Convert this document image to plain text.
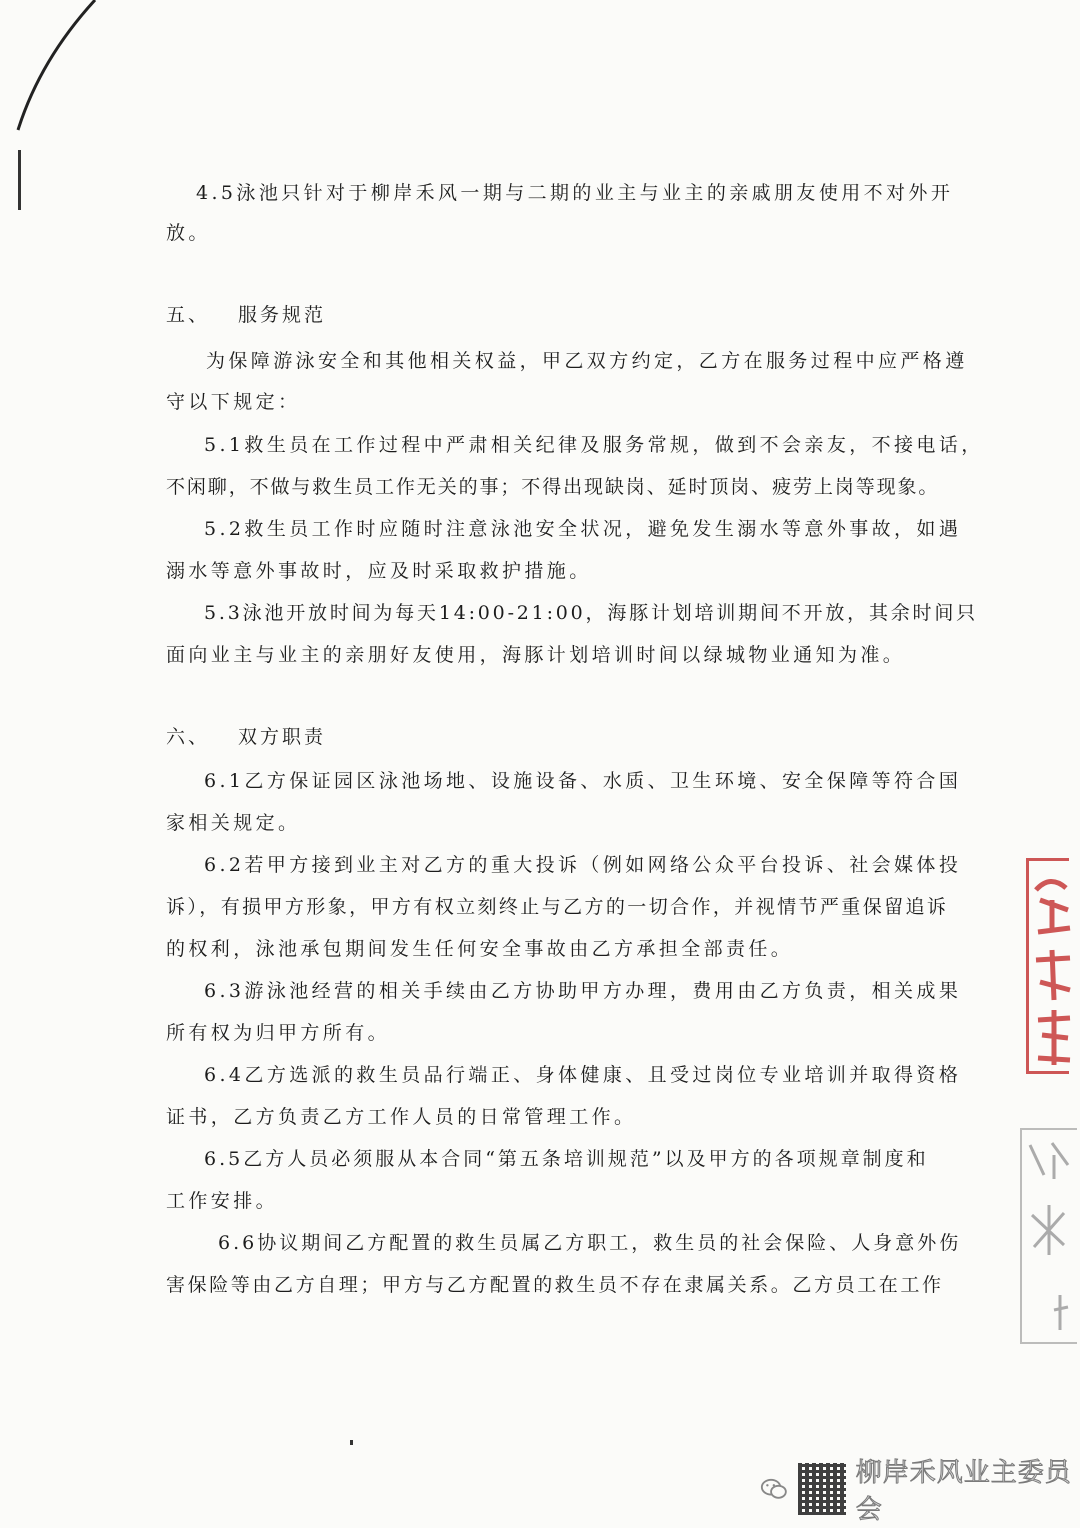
4.5泳池只针对于柳岸禾风一期与二期的业主与业主的亲戚朋友使用不对外开
放。
五、 服务规范
为保障游泳安全和其他相关权益，甲乙双方约定，乙方在服务过程中应严格遵
守以下规定：
5.1救生员在工作过程中严肃相关纪律及服务常规，做到不会亲友，不接电话，
不闲聊，不做与救生员工作无关的事；不得出现缺岗、延时顶岗、疲劳上岗等现象。
5.2救生员工作时应随时注意泳池安全状况，避免发生溺水等意外事故，如遇
溺水等意外事故时，应及时采取救护措施。
5.3泳池开放时间为每天14:00-21:00，海豚计划培训期间不开放，其余时间只
面向业主与业主的亲朋好友使用，海豚计划培训时间以绿城物业通知为准。
六、 双方职责
6.1乙方保证园区泳池场地、设施设备、水质、卫生环境、安全保障等符合国
家相关规定。
6.2若甲方接到业主对乙方的重大投诉（例如网络公众平台投诉、社会媒体投
诉），有损甲方形象，甲方有权立刻终止与乙方的一切合作，并视情节严重保留追诉
的权利，泳池承包期间发生任何安全事故由乙方承担全部责任。
6.3游泳池经营的相关手续由乙方协助甲方办理，费用由乙方负责，相关成果
所有权为归甲方所有。
6.4乙方选派的救生员品行端正、身体健康、且受过岗位专业培训并取得资格
证书，乙方负责乙方工作人员的日常管理工作。
6.5乙方人员必须服从本合同“第五条培训规范”以及甲方的各项规章制度和
工作安排。
6.6协议期间乙方配置的救生员属乙方职工，救生员的社会保险、人身意外伤
害保险等由乙方自理；甲方与乙方配置的救生员不存在隶属关系。乙方员工在工作
柳岸禾风业主委员会
